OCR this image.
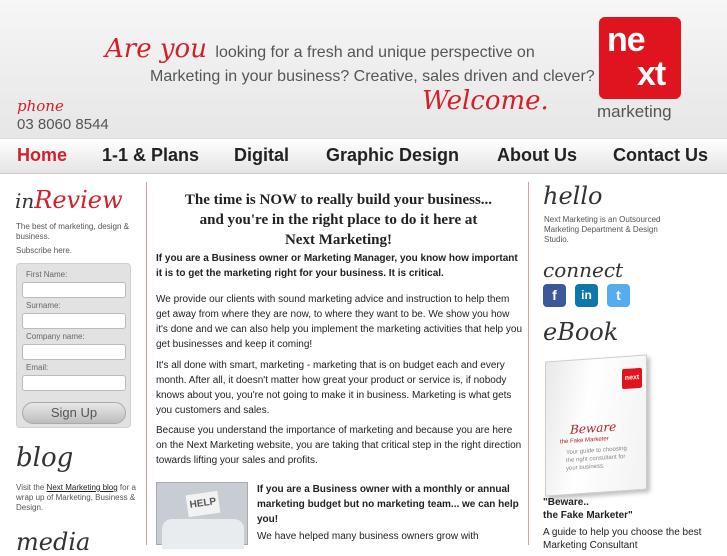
Are you looking for a fresh and unique perspective on
Marketing in your business? Creative, sales driven and clever?
Welcome.
phone
03 8060 8544
ne
xt
marketing
Home 1-1 & Plans Digital Graphic Design About Us Contact Us
inReview
The best of marketing, design & business.
Subscribe here.
First Name:
Surname:
Company name:
Email:
Sign Up
blog
Visit the Next Marketing blog for a wrap up of Marketing, Business & Design.
media
The time is NOW to really build your business...
and you're in the right place to do it here at
Next Marketing!
If you are a Business owner or Marketing Manager, you know how important it is to get the marketing right for your business. It is critical.
We provide our clients with sound marketing advice and instruction to help them get away from where they are now, to where they want to be. We show you how it's done and we can also help you implement the marketing activities that help you get businesses and keep it coming!
It's all done with smart, marketing - marketing that is on budget each and every month. After all, it doesn't matter how great your product or service is, if nobody knows about you, you're not going to make it in business. Marketing is what gets you customers and sales.
Because you understand the importance of marketing and because you are here on the Next Marketing website, you are taking that critical step in the right direction towards lifting your sales and profits.
HELP
If you are a Business owner with a monthly or annual marketing budget but no marketing team... we can help you!
We have helped many business owners grow with
hello
Next Marketing is an Outsourced Marketing Department & Design Studio.
connect
f	in	t
eBook
next
Beware
the Fake Marketer
Your guide to choosing the right consultant for your business.
"Beware..
the Fake Marketer"
A guide to help you choose the best Marketing Consultant
